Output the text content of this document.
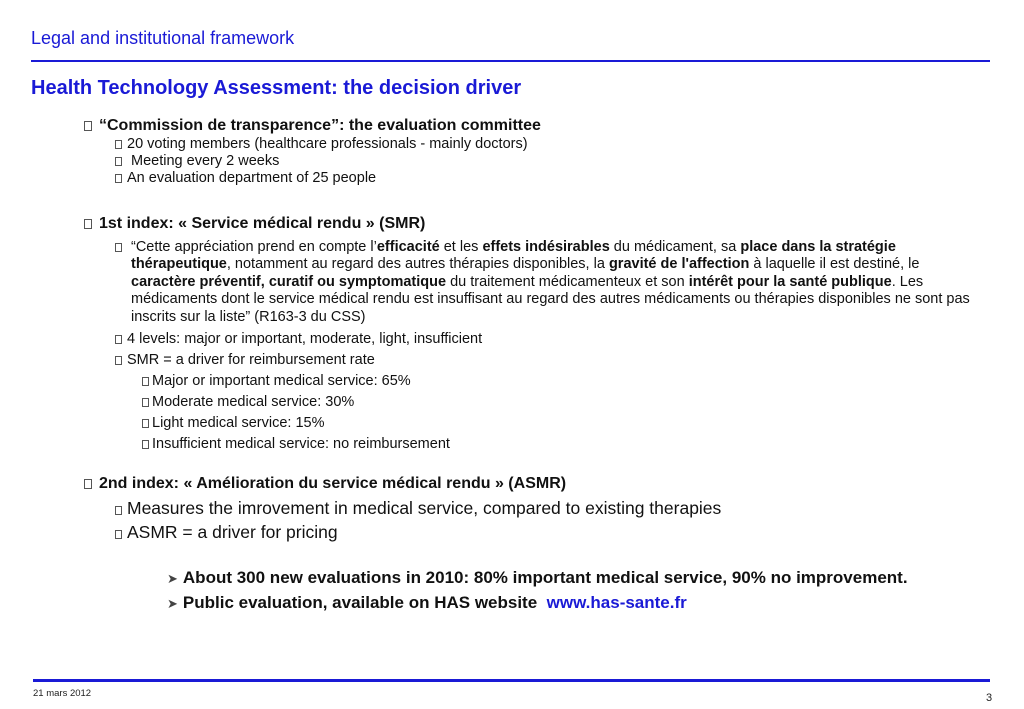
Legal and institutional framework
Health Technology Assessment: the decision driver
“Commission de transparence”: the evaluation committee
20 voting members (healthcare professionals - mainly doctors)
Meeting every 2 weeks
An evaluation department of 25 people
1st index: « Service médical rendu » (SMR)
“Cette appréciation prend en compte l’efficacité et les effets indésirables du médicament, sa place dans la stratégie thérapeutique, notamment au regard des autres thérapies disponibles, la gravité de l'affection à laquelle il est destiné, le caractère préventif, curatif ou symptomatique du traitement médicamenteux et son intérêt pour la santé publique. Les médicaments dont le service médical rendu est insuffisant au regard des autres médicaments ou thérapies disponibles ne sont pas inscrits sur la liste” (R163-3 du CSS)
4 levels: major or important, moderate, light, insufficient
SMR = a driver for reimbursement rate
Major or important medical service: 65%
Moderate medical service: 30%
Light medical service: 15%
Insufficient medical service: no reimbursement
2nd index: « Amélioration du service médical rendu » (ASMR)
Measures the imrovement in medical service, compared to existing therapies
ASMR = a driver for pricing
➤ About 300 new evaluations in 2010: 80% important medical service, 90% no improvement.
➤ Public evaluation, available on HAS website www.has-sante.fr
21 mars 2012	3
